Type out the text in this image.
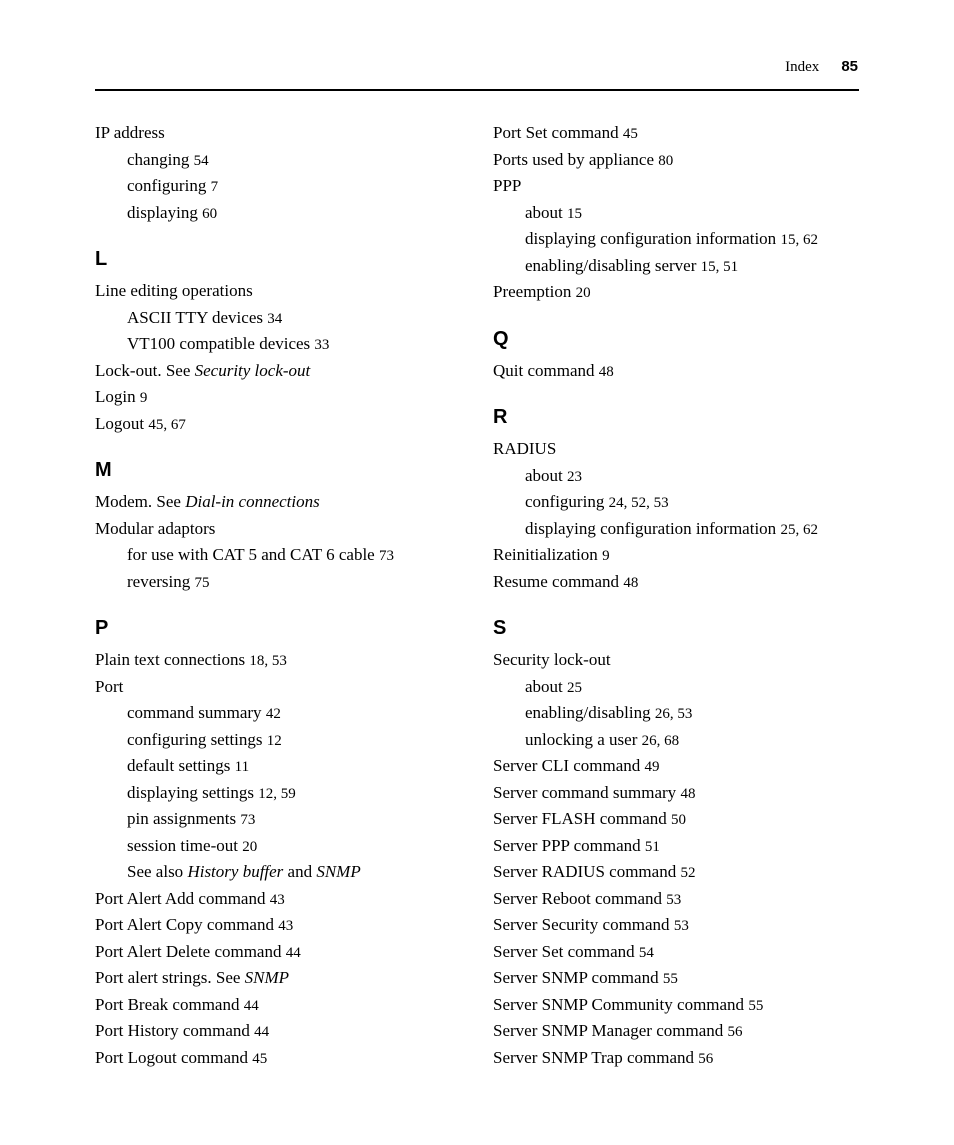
Index 85
IP address
changing 54
configuring 7
displaying 60
L
Line editing operations
ASCII TTY devices 34
VT100 compatible devices 33
Lock-out. See Security lock-out
Login 9
Logout 45, 67
M
Modem. See Dial-in connections
Modular adaptors
for use with CAT 5 and CAT 6 cable 73
reversing 75
P
Plain text connections 18, 53
Port
command summary 42
configuring settings 12
default settings 11
displaying settings 12, 59
pin assignments 73
session time-out 20
See also History buffer and SNMP
Port Alert Add command 43
Port Alert Copy command 43
Port Alert Delete command 44
Port alert strings. See SNMP
Port Break command 44
Port History command 44
Port Logout command 45
Port Set command 45
Ports used by appliance 80
PPP
about 15
displaying configuration information 15, 62
enabling/disabling server 15, 51
Preemption 20
Q
Quit command 48
R
RADIUS
about 23
configuring 24, 52, 53
displaying configuration information 25, 62
Reinitialization 9
Resume command 48
S
Security lock-out
about 25
enabling/disabling 26, 53
unlocking a user 26, 68
Server CLI command 49
Server command summary 48
Server FLASH command 50
Server PPP command 51
Server RADIUS command 52
Server Reboot command 53
Server Security command 53
Server Set command 54
Server SNMP command 55
Server SNMP Community command 55
Server SNMP Manager command 56
Server SNMP Trap command 56
